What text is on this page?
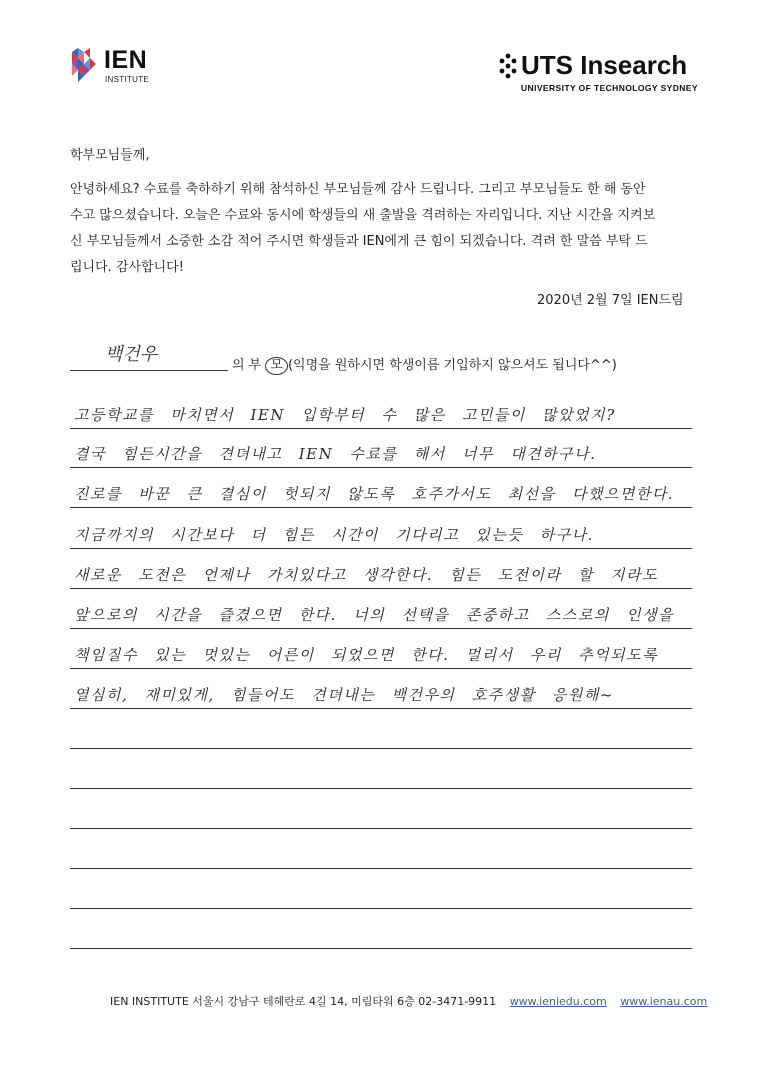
IEN
INSTITUTE	UTS Insearch
UNIVERSITY OF TECHNOLOGY SYDNEY
학부모님들께,
안녕하세요? 수료를 축하하기 위해 참석하신 부모님들께 감사 드립니다. 그리고 부모님들도 한 해 동안
수고 많으셨습니다. 오늘은 수료와 동시에 학생들의 새 출발을 격려하는 자리입니다. 지난 시간을 지켜보
신 부모님들께서 소중한 소감 적어 주시면 학생들과 IEN에게 큰 힘이 되겠습니다. 격려 한 말씀 부탁 드
립니다. 감사합니다!
2020년 2월 7일 IEN드림
백건우
의 부 모 (익명을 원하시면 학생이름 기입하지 않으셔도 됩니다^^)
고등학교를 마치면서 IEN 입학부터 수 많은 고민들이 많았었지?
결국 힘든시간을 견뎌내고 IEN 수료를 해서 너무 대견하구나.
진로를 바꾼 큰 결심이 헛되지 않도록 호주가서도 최선을 다했으면한다.
지금까지의 시간보다 더 힘든 시간이 기다리고 있는듯 하구나.
새로운 도전은 언제나 가치있다고 생각한다. 힘든 도전이라 할 지라도
앞으로의 시간을 즐겼으면 한다. 너의 선택을 존중하고 스스로의 인생을
책임질수 있는 멋있는 어른이 되었으면 한다. 멀리서 우리 추억되도록
열심히, 재미있게, 힘들어도 견뎌내는 백건우의 호주생활 응원해~
IEN INSTITUTE 서울시 강남구 테헤란로 4길 14, 미림타워 6층 02-3471-9911 www.ieniedu.com www.ienau.com
